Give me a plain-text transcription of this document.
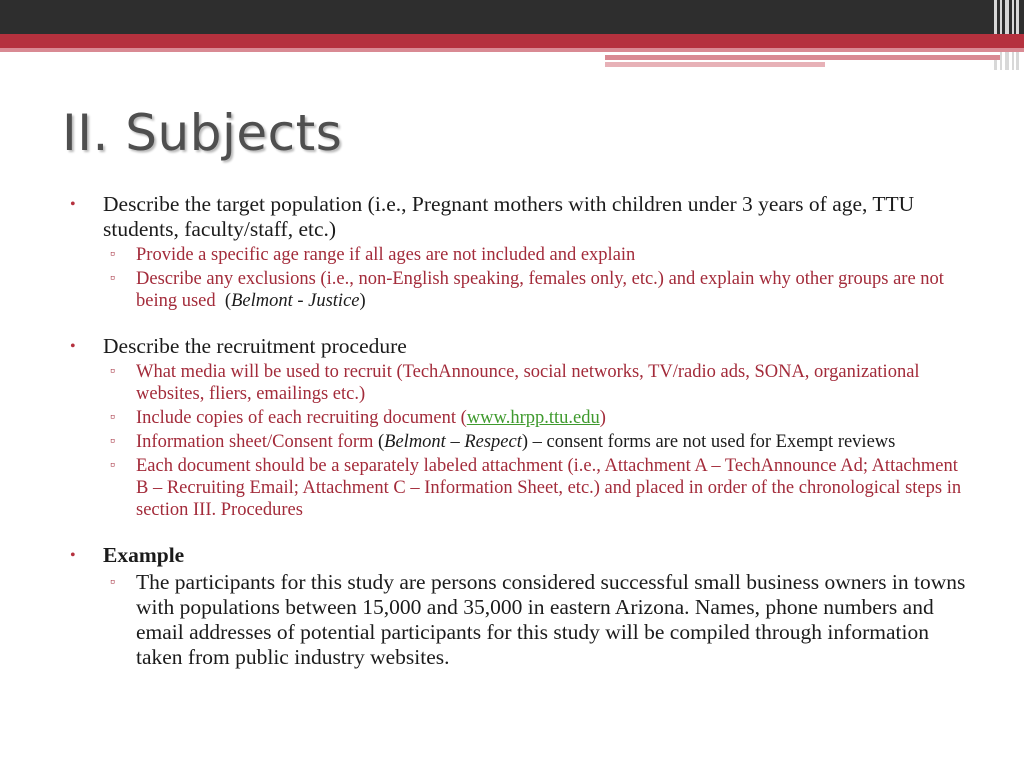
II. Subjects
• Describe the target population (i.e., Pregnant mothers with children under 3 years of age, TTU students, faculty/staff, etc.)
▫ Provide a specific age range if all ages are not included and explain
▫ Describe any exclusions (i.e., non-English speaking, females only, etc.) and explain why other groups are not being used (Belmont - Justice)
• Describe the recruitment procedure
▫ What media will be used to recruit (TechAnnounce, social networks, TV/radio ads, SONA, organizational websites, fliers, emailings etc.)
▫ Include copies of each recruiting document (www.hrpp.ttu.edu)
▫ Information sheet/Consent form (Belmont – Respect) – consent forms are not used for Exempt reviews
▫ Each document should be a separately labeled attachment (i.e., Attachment A – TechAnnounce Ad; Attachment B – Recruiting Email; Attachment C – Information Sheet, etc.) and placed in order of the chronological steps in section III. Procedures
• Example
▫ The participants for this study are persons considered successful small business owners in towns with populations between 15,000 and 35,000 in eastern Arizona. Names, phone numbers and email addresses of potential participants for this study will be compiled through information taken from public industry websites.
